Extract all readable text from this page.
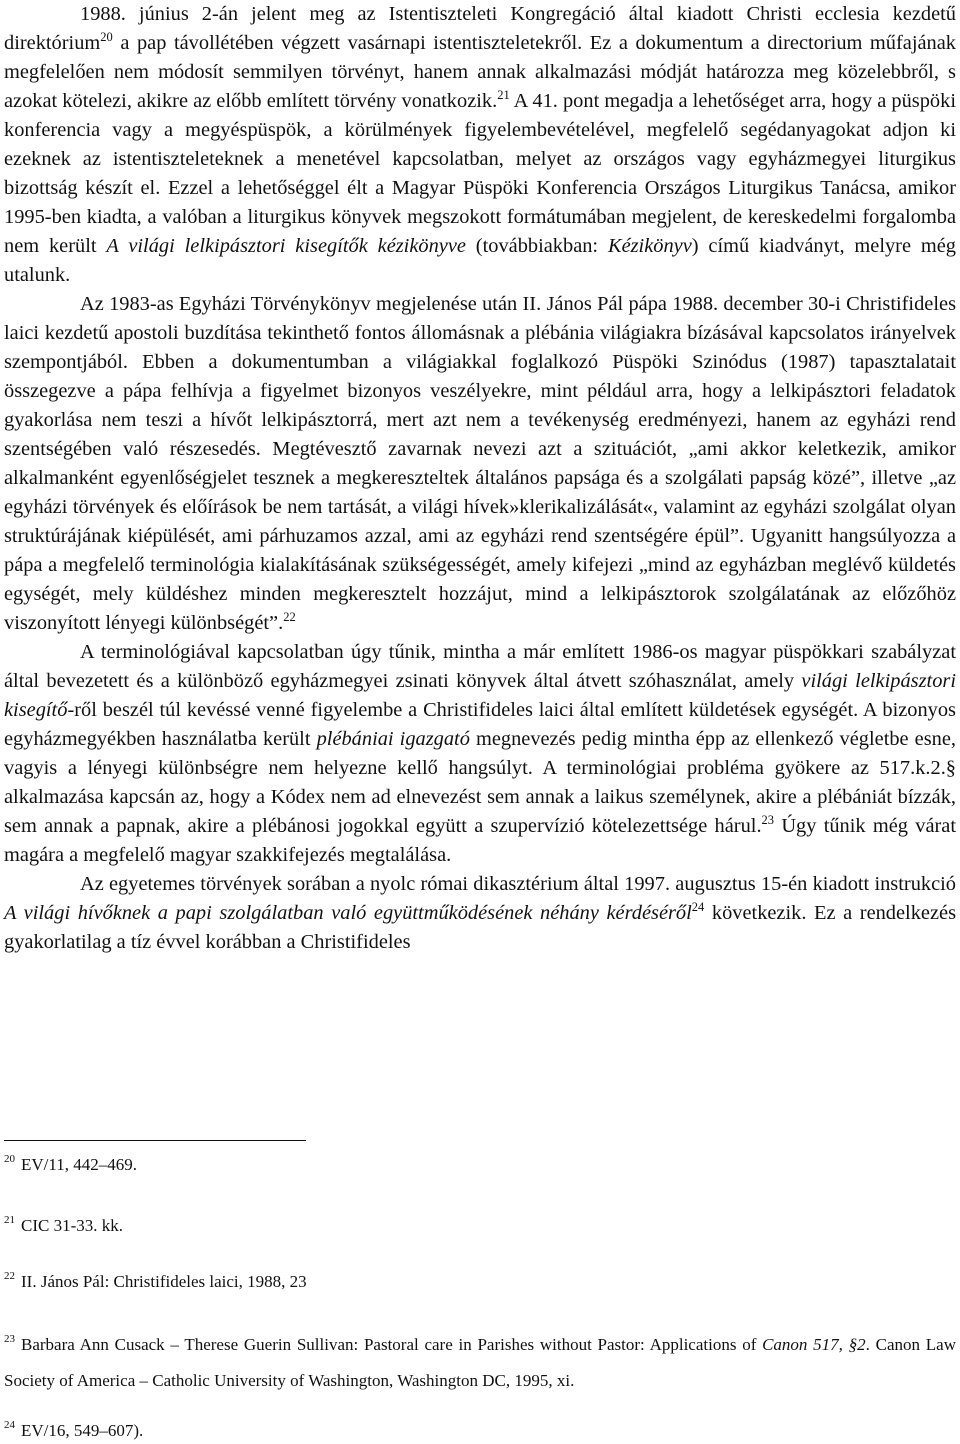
1988. június 2-án jelent meg az Istentiszteleti Kongregáció által kiadott Christi ecclesia kezdetű direktórium$^{20}$ a pap távollétében végzett vasárnapi istentiszteletekről. Ez a dokumentum a directorium műfajának megfelelően nem módosít semmilyen törvényt, hanem annak alkalmazási módját határozza meg közelebbről, s azokat kötelezi, akikre az előbb említett törvény vonatkozik.$^{21}$ A 41. pont megadja a lehetőséget arra, hogy a püspöki konferencia vagy a megyéspüspök, a körülmények figyelembevételével, megfelelő segédanyagokat adjon ki ezeknek az istentiszteleteknek a menetével kapcsolatban, melyet az országos vagy egyházmegyei liturgikus bizottság készít el. Ezzel a lehetőséggel élt a Magyar Püspöki Konferencia Országos Liturgikus Tanácsa, amikor 1995-ben kiadta, a valóban a liturgikus könyvek megszokott formátumában megjelent, de kereskedelmi forgalomba nem került A világi lelkipásztori kisegítők kézikönyve (továbbiakban: Kézikönyv) című kiadványt, melyre még utalunk.

Az 1983-as Egyházi Törvénykönyv megjelenése után II. János Pál pápa 1988. december 30-i Christifideles laici kezdetű apostoli buzdítása tekinthető fontos állomásnak a plébánia világiakra bízásával kapcsolatos irányelvek szempontjából. Ebben a dokumentumban a világiakkal foglalkozó Püspöki Szinódus (1987) tapasztalatait összegezve a pápa felhívja a figyelmet bizonyos veszélyekre, mint például arra, hogy a lelkipásztori feladatok gyakorlása nem teszi a hívőt lelkipásztorrá, mert azt nem a tevékenység eredményezi, hanem az egyházi rend szentségében való részesedés. Megtévesztő zavarnak nevezi azt a szituációt, „ami akkor keletkezik, amikor alkalmanként egyenlőségjelet tesznek a megkereszteltek általános papsága és a szolgálati papság közé”, illetve „az egyházi törvények és előírások be nem tartását, a világi hívek»klerikalizálását«, valamint az egyházi szolgálat olyan struktúrájának kiépülését, ami párhuzamos azzal, ami az egyházi rend szentségére épül”. Ugyanitt hangsúlyozza a pápa a megfelelő terminológia kialakításának szükségességét, amely kifejezi „mind az egyházban meglévő küldetés egységét, mely küldéshez minden megkeresztelt hozzájut, mind a lelkipásztorok szolgálatának az előzőhöz viszonyított lényegi különbségét”.$^{22}$

A terminológiával kapcsolatban úgy tűnik, mintha a már említett 1986-os magyar püspökkari szabályzat által bevezetett és a különböző egyházmegyei zsinati könyvek által átvett szóhasználat, amely világi lelkipásztori kisegítő-ről beszél túl kevéssé venné figyelembe a Christifideles laici által említett küldetések egységét. A bizonyos egyházmegyékben használatba került plébániai igazgató megnevezés pedig mintha épp az ellenkező végletbe esne, vagyis a lényegi különbségre nem helyezne kellő hangsúlyt. A terminológiai probléma gyökere az 517.k.2.§ alkalmazása kapcsán az, hogy a Kódex nem ad elnevezést sem annak a laikus személynek, akire a plébániát bízzák, sem annak a papnak, akire a plébánosi jogokkal együtt a szupervízió kötelezettsége hárul.$^{23}$ Úgy tűnik még várat magára a megfelelő magyar szakkifejezés megtalálása.

Az egyetemes törvények sorában a nyolc római dikasztérium által 1997. augusztus 15-én kiadott instrukció A világi hívőknek a papi szolgálatban való együttműködésének néhány kérdéséről$^{24}$ következik. Ez a rendelkezés gyakorlatilag a tíz évvel korábban a Christifideles

$^{20}$ EV/11, 442–469.

$^{21}$ CIC 31-33. kk.

$^{22}$ II. János Pál: Christifideles laici, 1988, 23

$^{23}$ Barbara Ann Cusack – Therese Guerin Sullivan: Pastoral care in Parishes without Pastor: Applications of Canon 517, §2. Canon Law Society of America – Catholic University of Washington, Washington DC, 1995, xi.

$^{24}$ EV/16, 549–607).
